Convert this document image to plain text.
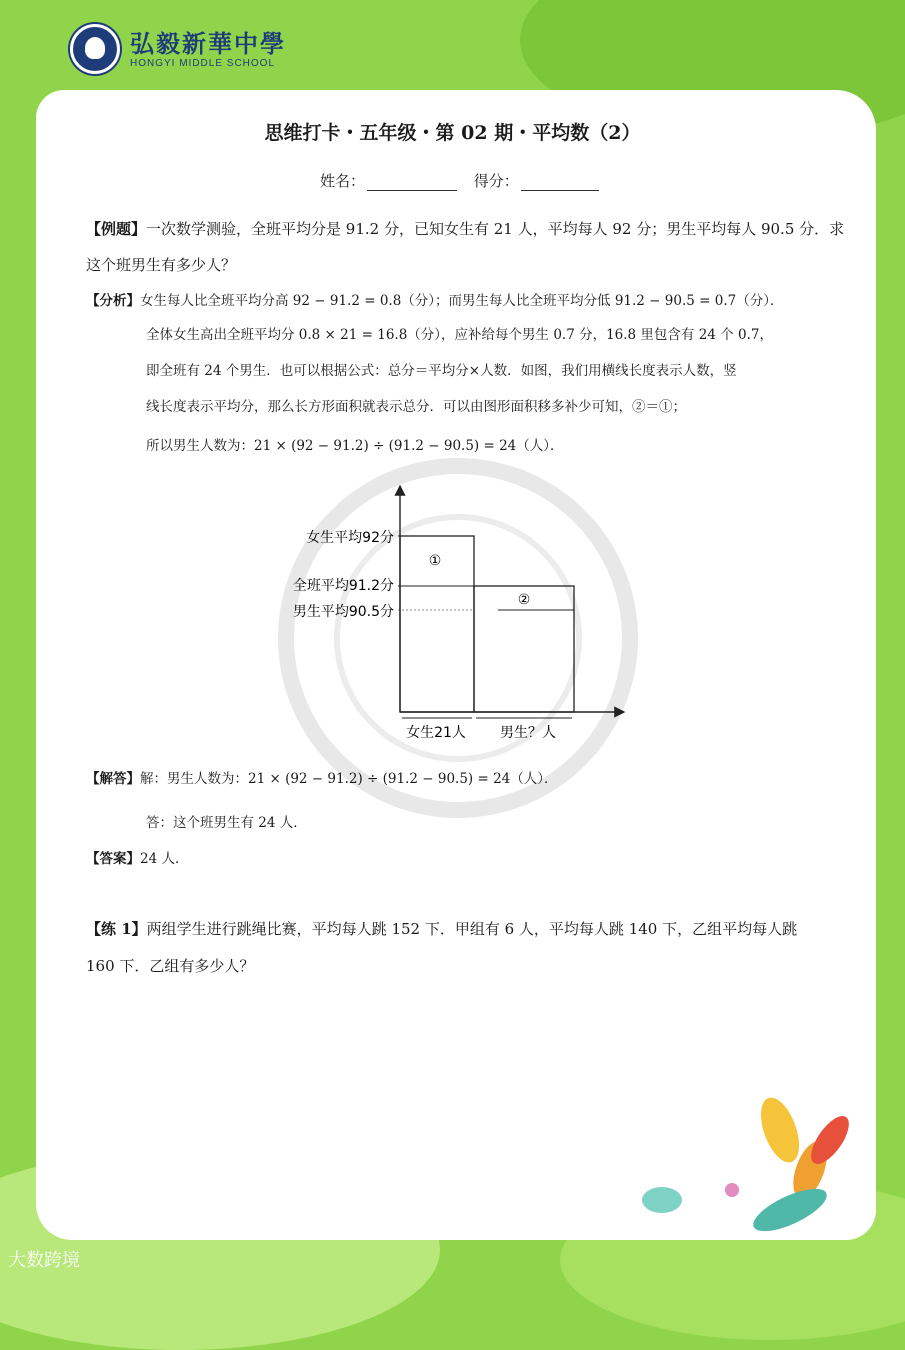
弘毅新華中學
HONGYI MIDDLE SCHOOL
思维打卡・五年级・第 02 期・平均数（2）
姓名：	得分：
【例题】一次数学测验，全班平均分是 91.2 分，已知女生有 21 人，平均每人 92 分；男生平均每人 90.5 分．求
这个班男生有多少人？
【分析】女生每人比全班平均分高 92 − 91.2 = 0.8（分）；而男生每人比全班平均分低 91.2 − 90.5 = 0.7（分）．
全体女生高出全班平均分 0.8 × 21 = 16.8（分），应补给每个男生 0.7 分，16.8 里包含有 24 个 0.7，
即全班有 24 个男生．也可以根据公式：总分＝平均分×人数．如图，我们用横线长度表示人数，竖
线长度表示平均分，那么长方形面积就表示总分．可以由图形面积移多补少可知，②＝①；
所以男生人数为：21 × (92 − 91.2) ÷ (91.2 − 90.5) = 24（人）．
女生平均92分
全班平均91.2分
男生平均90.5分
①
②
女生21人 男生？人
【解答】解：男生人数为：21 × (92 − 91.2) ÷ (91.2 − 90.5) = 24（人）．
答：这个班男生有 24 人．
【答案】24 人．
【练 1】两组学生进行跳绳比赛，平均每人跳 152 下．甲组有 6 人，平均每人跳 140 下，乙组平均每人跳
160 下．乙组有多少人？
大数跨境
